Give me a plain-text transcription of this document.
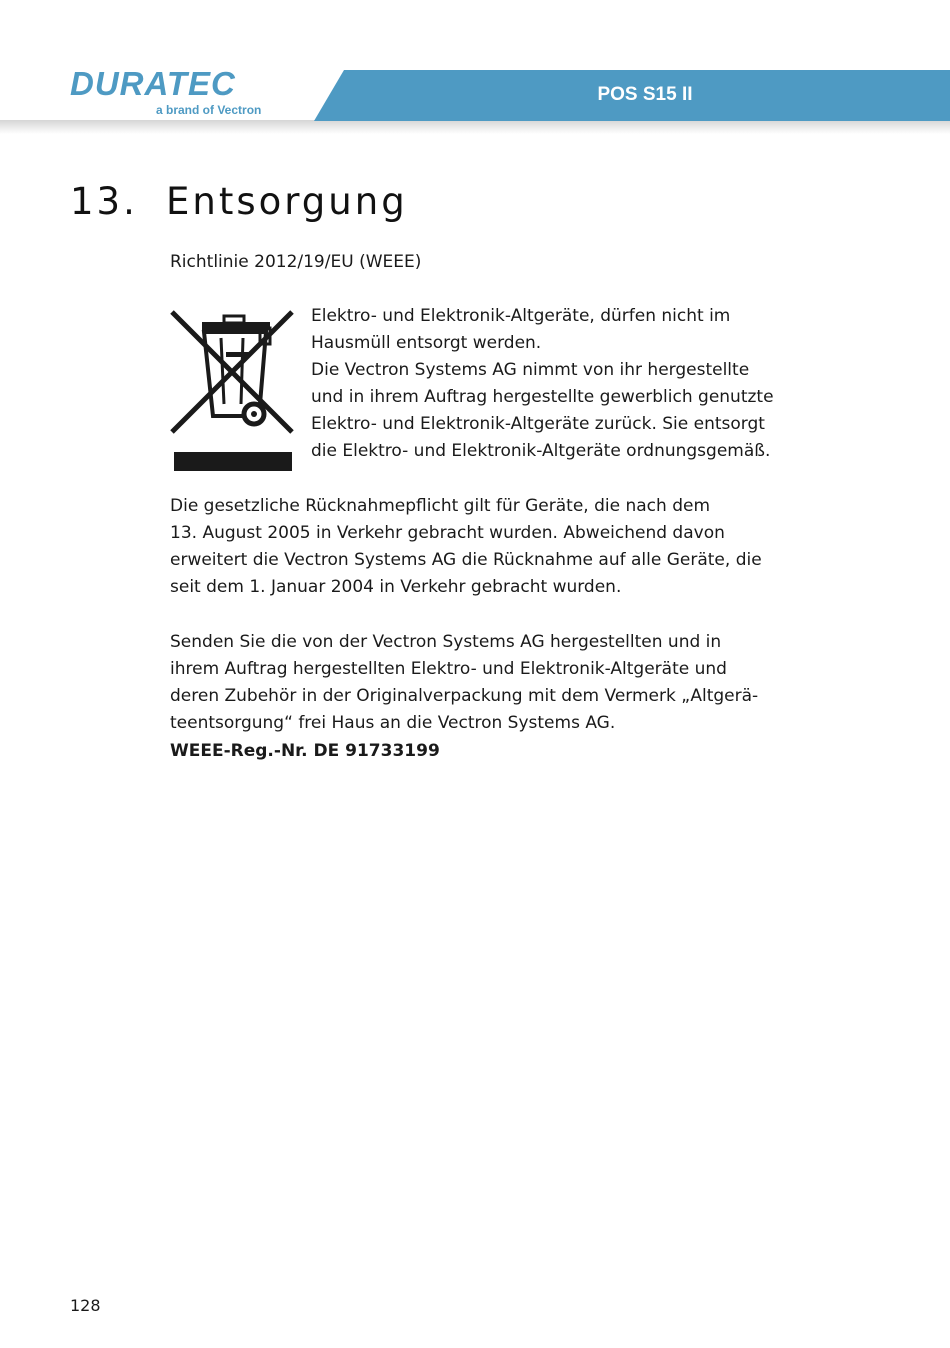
POS S15 II
DURATEC
a brand of Vectron
13. Entsorgung

Richtlinie 2012/19/EU (WEEE)

Elektro- und Elektronik-Altgeräte, dürfen nicht im
Hausmüll entsorgt werden.
Die Vectron Systems AG nimmt von ihr hergestellte
und in ihrem Auftrag hergestellte gewerblich genutzte
Elektro- und Elektronik-Altgeräte zurück. Sie entsorgt
die Elektro- und Elektronik-Altgeräte ordnungsgemäß.

Die gesetzliche Rücknahmepflicht gilt für Geräte, die nach dem
13. August 2005 in Verkehr gebracht wurden. Abweichend davon
erweitert die Vectron Systems AG die Rücknahme auf alle Geräte, die
seit dem 1. Januar 2004 in Verkehr gebracht wurden.

Senden Sie die von der Vectron Systems AG hergestellten und in
ihrem Auftrag hergestellten Elektro- und Elektronik-Altgeräte und
deren Zubehör in der Originalverpackung mit dem Vermerk „Altgerä-
teentsorgung“ frei Haus an die Vectron Systems AG.

WEEE-Reg.-Nr. DE 91733199

128
